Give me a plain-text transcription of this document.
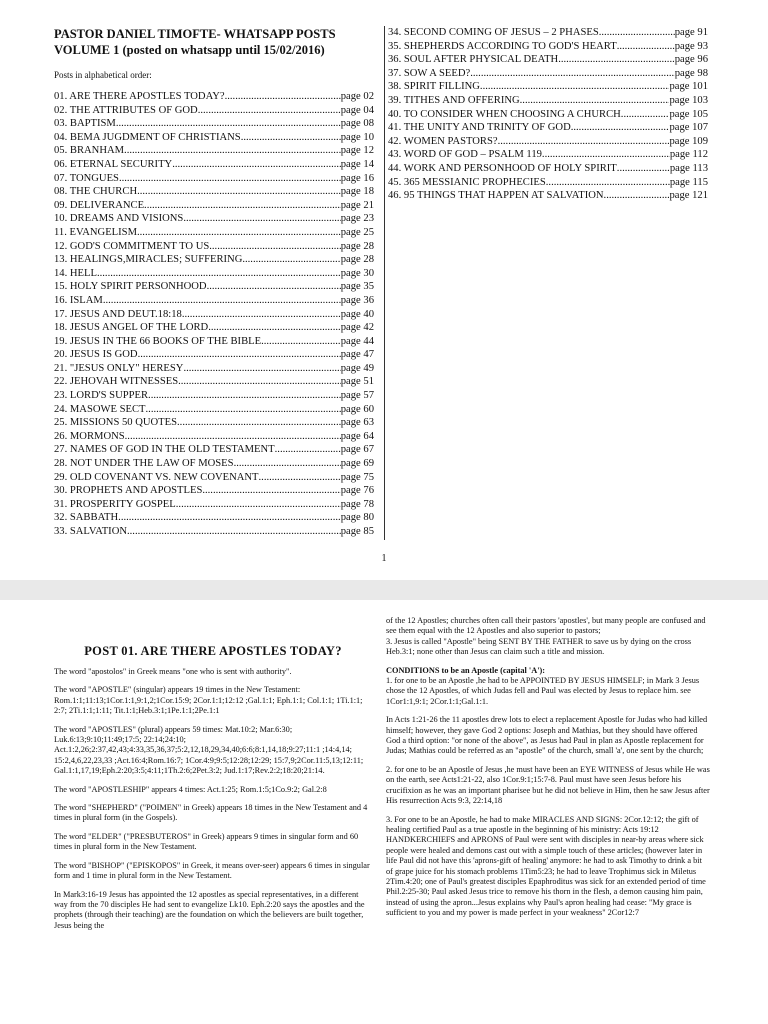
PASTOR DANIEL TIMOFTE- WHATSAPP POSTS
VOLUME 1 (posted on whatsapp until 15/02/2016)
Posts in alphabetical order:
01. ARE THERE APOSTLES TODAY? .....	page 02
02. THE ATTRIBUTES OF GOD .....	page 04
03. BAPTISM .....	page 08
04. BEMA JUGDMENT OF CHRISTIANS .....	page 10
05. BRANHAM .....	page 12
06. ETERNAL SECURITY .....	page 14
07. TONGUES .....	page 16
08. THE CHURCH .....	page 18
09. DELIVERANCE .....	page 21
10. DREAMS AND VISIONS .....	page 23
11. EVANGELISM .....	page 25
12. GOD'S COMMITMENT TO US .....	page 28
13. HEALINGS,MIRACLES; SUFFERING .....	page 28
14. HELL .....	page 30
15. HOLY SPIRIT PERSONHOOD .....	page 35
16. ISLAM .....	page 36
17. JESUS AND DEUT.18:18 .....	page 40
18. JESUS ANGEL OF THE LORD .....	page 42
19. JESUS IN THE 66 BOOKS OF THE BIBLE .....	page 44
20. JESUS IS GOD .....	page 47
21. "JESUS ONLY" HERESY .....	page 49
22. JEHOVAH WITNESSES .....	page 51
23. LORD'S SUPPER .....	page 57
24. MASOWE SECT .....	page 60
25. MISSIONS 50 QUOTES .....	page 63
26. MORMONS .....	page 64
27. NAMES OF GOD IN THE OLD TESTAMENT .....	page 67
28. NOT UNDER THE LAW OF MOSES .....	page 69
29. OLD COVENANT VS. NEW COVENANT .....	page 75
30. PROPHETS AND APOSTLES .....	page 76
31. PROSPERITY GOSPEL .....	page 78
32. SABBATH .....	page 80
33. SALVATION .....	page 85
34. SECOND COMING OF JESUS – 2 PHASES .....	page 91
35. SHEPHERDS ACCORDING TO GOD'S HEART .....	page 93
36. SOUL AFTER PHYSICAL DEATH .....	page 96
37. SOW A SEED? .....	page 98
38. SPIRIT FILLING .....	page 101
39. TITHES AND OFFERING .....	page 103
40. TO CONSIDER WHEN CHOOSING A CHURCH .....	page 105
41. THE UNITY AND TRINITY OF GOD .....	page 107
42. WOMEN PASTORS? .....	page 109
43. WORD OF GOD – PSALM 119 .....	page 112
44. WORK AND PERSONHOOD OF HOLY SPIRIT .....	page 113
45. 365 MESSIANIC PROPHECIES .....	page 115
46. 95 THINGS THAT HAPPEN AT SALVATION .....	page 121
1
POST 01. ARE THERE APOSTLES TODAY?

The word "apostolos" in Greek means "one who is sent with authority".

The word "APOSTLE" (singular) appears 19 times in the New Testament: Rom.1:1;11:13;1Cor.1:1,9:1,2;1Cor.15:9; 2Cor.1:1;12:12 ;Gal.1:1; Eph.1:1; Col.1:1; 1Ti.1:1; 2:7; 2Ti.1:1;1:11; Tit.1:1;Heb.3:1;1Pe.1:1;2Pe.1:1

The word "APOSTLES" (plural) appears 59 times: Mat.10:2; Mar.6:30; Luk.6:13;9:10;11:49;17:5; 22:14;24:10; Act.1:2,26;2:37,42,43;4:33,35,36,37;5:2,12,18,29,34,40;6:6;8:1,14,18;9:27;11:1 ;14:4,14; 15:2,4,6,22,23,33 ;Act.16:4;Rom.16:7; 1Cor.4:9;9:5;12:28;12:29; 15:7,9;2Cor.11:5,13;12:11; Gal.1:1,17,19;Eph.2:20;3:5;4:11;1Th.2:6;2Pet.3:2; Jud.1:17;Rev.2:2;18:20;21:14.

The word "APOSTLESHIP" appears 4 times: Act.1:25; Rom.1:5;1Co.9:2; Gal.2:8

The word "SHEPHERD" ("POIMEN" in Greek) appears 18 times in the New Testament and 4 times in plural form (in the Gospels).

The word "ELDER" ("PRESBUTEROS" in Greek) appears 9 times in singular form and 60 times in plural form in the New Testament.

The word "BISHOP" ("EPISKOPOS" in Greek, it means over-seer) appears 6 times in singular form and 1 time in plural form in the New Testament.

In Mark3:16-19 Jesus has appointed the 12 apostles as special representatives, in a different way from the 70 disciples He had sent to evangelize Lk10. Eph.2:20 says the apostles and the prophets (through their teaching) are the foundation on which the believers are built together, Jesus being the

of the 12 Apostles; churches often call their pastors 'apostles', but many people are confused and see them equal with the 12 Apostles and also superior to pastors;

3. Jesus is called "Apostle" being SENT BY THE FATHER to save us by dying on the cross Heb.3:1; none other than Jesus can claim such a title and mission.

CONDITIONS to be an Apostle (capital 'A'):

1. for one to be an Apostle ,he had to be APPOINTED BY JESUS HIMSELF; in Mark 3 Jesus chose the 12 Apostles, of which Judas fell and Paul was elected by Jesus to replace him. see 1Cor1:1,9:1; 2Cor.1:1;Gal.1:1.

In Acts 1:21-26 the 11 apostles drew lots to elect a replacement Apostle for Judas who had killed himself; however, they gave God 2 options: Joseph and Mathias, but they should have offered God a third option: "or none of the above", as Jesus had Paul in plan as Apostle replacement for Judas; Mathias could be referred as an "apostle" of the church, small 'a', one sent by the church;

2. for one to be an Apostle of Jesus ,he must have been an EYE WITNESS of Jesus while He was on the earth, see Acts1:21-22, also 1Cor.9:1;15:7-8. Paul must have seen Jesus before his crucifixion as he was an important pharisee but he did not believe in Him, then he saw Jesus after His resurrection Acts 9:3, 22:14,18

3. For one to be an Apostle, he had to make MIRACLES AND SIGNS: 2Cor.12:12; the gift of healing certified Paul as a true apostle in the beginning of his ministry: Acts 19:12 HANDKERCHIEFS and APRONS of Paul were sent with disciples in near-by areas where sick people were healed and demons cast out with a simple touch of these articles; (however later in life Paul did not have this 'aprons-gift of healing' anymore: he had to ask Timothy to drink a bit of grape juice for his stomach problems 1Tim5:23; he had to leave Trophimus sick in Miletus 2Tim.4:20; one of Paul's greatest disciples Epaphroditus was sick for an extended period of time Phil.2:25-30; Paul asked Jesus trice to remove his thorn in the flesh, a demon causing him pain, instead of using the apron...Jesus explains why Paul's apron healing had cease: "My grace is sufficient to you and my power is made perfect in your weakness" 2Cor12:7
